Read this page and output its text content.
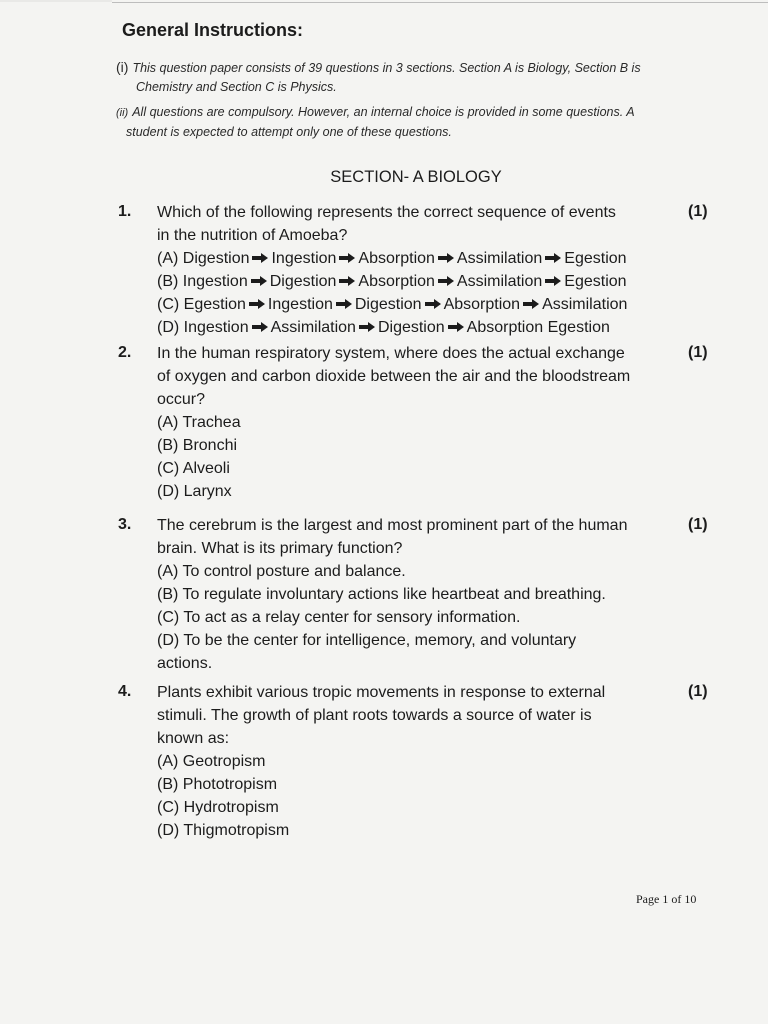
General Instructions:
(i) This question paper consists of 39 questions in 3 sections. Section A is Biology, Section B is
Chemistry and Section C is Physics.
(ii) All questions are compulsory. However, an internal choice is provided in some questions. A
student is expected to attempt only one of these questions.
SECTION- A BIOLOGY
1.	(1)
Which of the following represents the correct sequence of events
in the nutrition of Amoeba?
(A) Digestion Ingestion Absorption Assimilation Egestion
(B) Ingestion Digestion Absorption Assimilation Egestion
(C) Egestion Ingestion Digestion Absorption Assimilation
(D) Ingestion Assimilation Digestion Absorption Egestion
2.	(1)
In the human respiratory system, where does the actual exchange
of oxygen and carbon dioxide between the air and the bloodstream
occur?
(A) Trachea
(B) Bronchi
(C) Alveoli
(D) Larynx
3.	(1)
The cerebrum is the largest and most prominent part of the human
brain. What is its primary function?
(A) To control posture and balance.
(B) To regulate involuntary actions like heartbeat and breathing.
(C) To act as a relay center for sensory information.
(D) To be the center for intelligence, memory, and voluntary
actions.
4.	(1)
Plants exhibit various tropic movements in response to external
stimuli. The growth of plant roots towards a source of water is
known as:
(A) Geotropism
(B) Phototropism
(C) Hydrotropism
(D) Thigmotropism
Page 1 of 10
